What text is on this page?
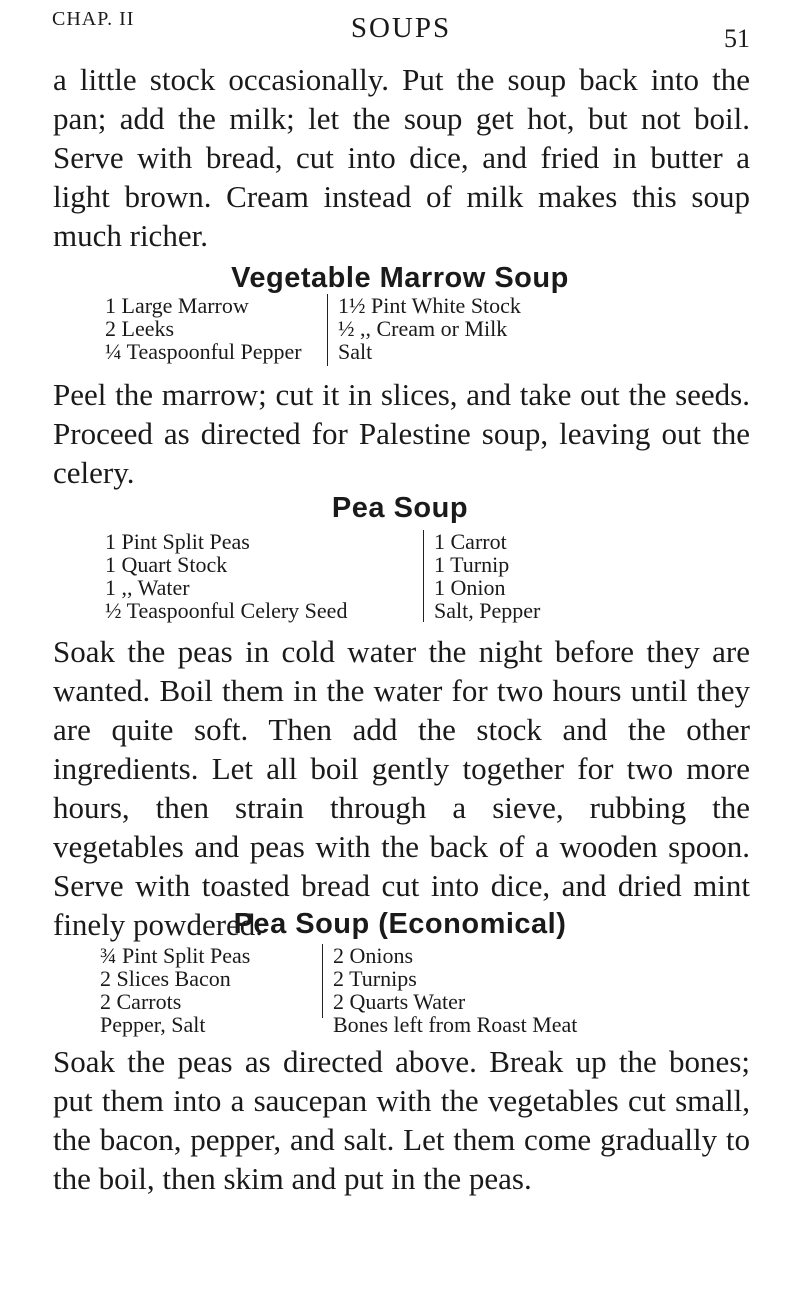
CHAP. II	SOUPS	51

a little stock occasionally. Put the soup back into the pan; add the milk; let the soup get hot, but not boil. Serve with bread, cut into dice, and fried in butter a light brown. Cream instead of milk makes this soup much richer.

Vegetable Marrow Soup
1 Large Marrow
2 Leeks
¼ Teaspoonful Pepper
1½ Pint White Stock
½ ,, Cream or Milk
Salt

Peel the marrow; cut it in slices, and take out the seeds. Proceed as directed for Palestine soup, leaving out the celery.

Pea Soup
1 Pint Split Peas
1 Quart Stock
1 ,, Water
½ Teaspoonful Celery Seed
1 Carrot
1 Turnip
1 Onion
Salt, Pepper

Soak the peas in cold water the night before they are wanted. Boil them in the water for two hours until they are quite soft. Then add the stock and the other ingredients. Let all boil gently together for two more hours, then strain through a sieve, rubbing the vegetables and peas with the back of a wooden spoon. Serve with toasted bread cut into dice, and dried mint finely powdered.

Pea Soup (Economical)
¾ Pint Split Peas
2 Slices Bacon
2 Carrots
Pepper, Salt
2 Onions
2 Turnips
2 Quarts Water
Bones left from Roast Meat

Soak the peas as directed above. Break up the bones; put them into a saucepan with the vegetables cut small, the bacon, pepper, and salt. Let them come gradually to the boil, then skim and put in the peas.
